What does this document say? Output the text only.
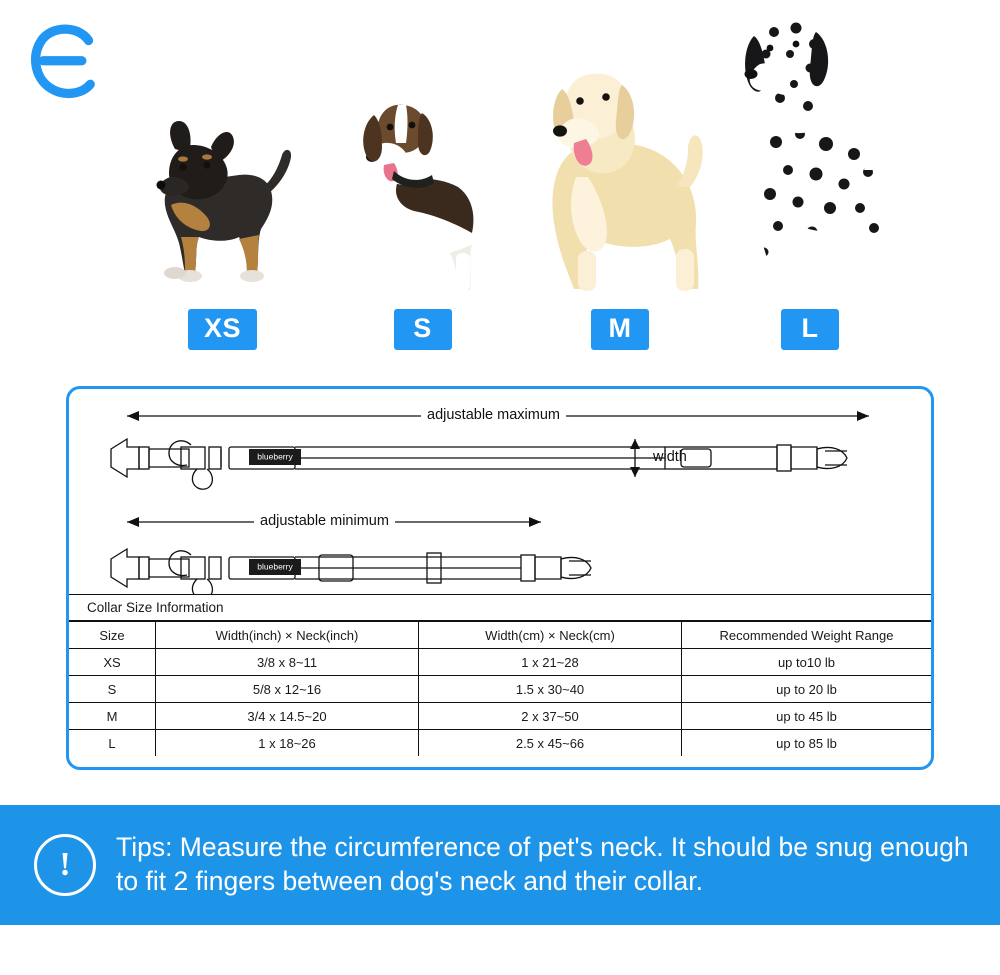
XS	S	M	L
blueberry
blueberry
adjustable maximum
adjustable minimum
width
Collar Size Information
Size	Width(inch) × Neck(inch)	Width(cm) × Neck(cm)	Recommended Weight Range
XS	3/8 x 8~11	1 x 21~28	up to10 lb
S	5/8 x 12~16	1.5 x 30~40	up to 20 lb
M	3/4 x 14.5~20	2 x 37~50	up to 45 lb
L	1 x 18~26	2.5 x 45~66	up to 85 lb
!	Tips: Measure the circumference of pet's neck. It should be snug enough to fit 2 fingers between dog's neck and their collar.
